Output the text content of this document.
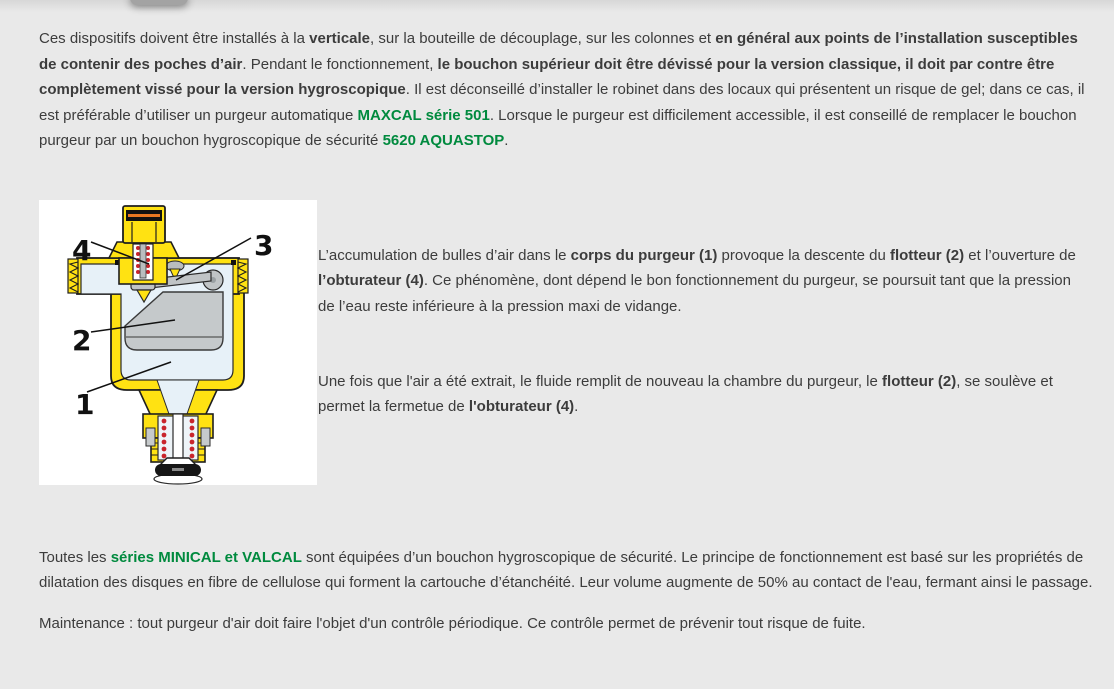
Ces dispositifs doivent être installés à la verticale, sur la bouteille de découplage, sur les colonnes et en général aux points de l’installation susceptibles de contenir des poches d’air. Pendant le fonctionnement, le bouchon supérieur doit être dévissé pour la version classique, il doit par contre être complètement vissé pour la version hygroscopique. Il est déconseillé d’installer le robinet dans des locaux qui présentent un risque de gel; dans ce cas, il est préférable d’utiliser un purgeur automatique MAXCAL série 501. Lorsque le purgeur est difficilement accessible, il est conseillé de remplacer le bouchon purgeur par un bouchon hygroscopique de sécurité 5620 AQUASTOP.

4	3
2
1

L’accumulation de bulles d’air dans le corps du purgeur (1) provoque la descente du flotteur (2) et l’ouverture de l’obturateur (4). Ce phénomène, dont dépend le bon fonctionnement du purgeur, se poursuit tant que la pression de l’eau reste inférieure à la pression maxi de vidange.

Une fois que l'air a été extrait, le fluide remplit de nouveau la chambre du purgeur, le flotteur (2), se soulève et permet la fermetue de l'obturateur (4).

Toutes les séries MINICAL et VALCAL sont équipées d’un bouchon hygroscopique de sécurité. Le principe de fonctionnement est basé sur les propriétés de dilatation des disques en fibre de cellulose qui forment la cartouche d’étanchéité. Leur volume augmente de 50% au contact de l'eau, fermant ainsi le passage.

Maintenance : tout purgeur d'air doit faire l'objet d'un contrôle périodique. Ce contrôle permet de prévenir tout risque de fuite.
